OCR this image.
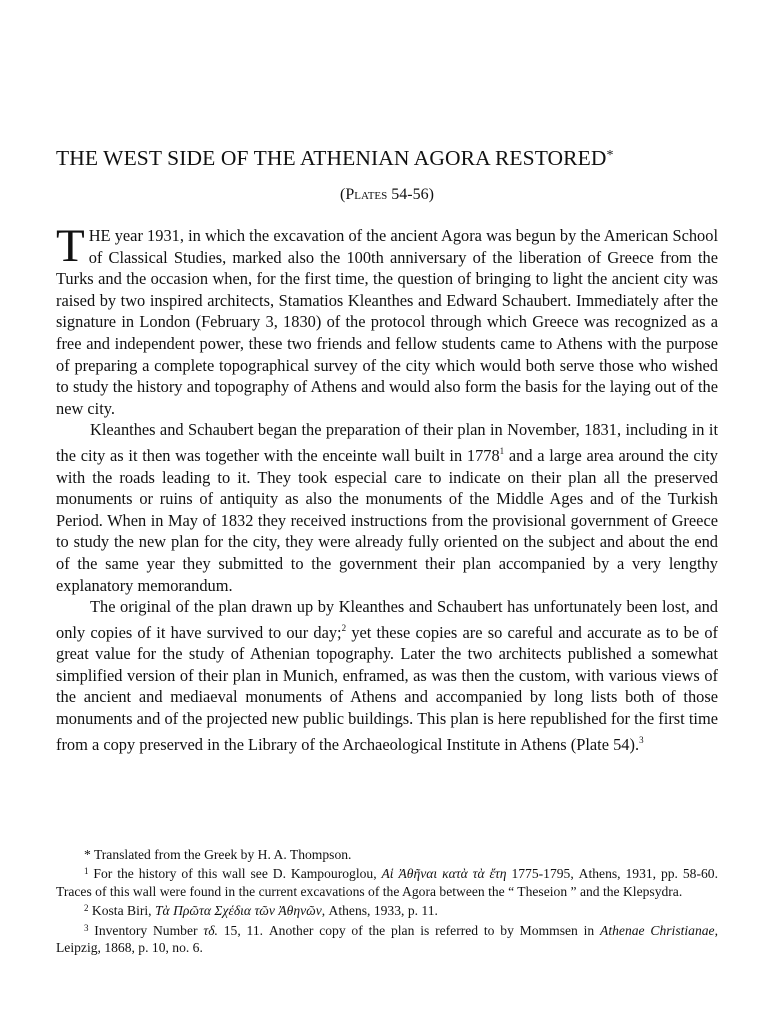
THE WEST SIDE OF THE ATHENIAN AGORA RESTORED*
(Plates 54-56)

THE year 1931, in which the excavation of the ancient Agora was begun by the American School of Classical Studies, marked also the 100th anniversary of the liberation of Greece from the Turks and the occasion when, for the first time, the question of bringing to light the ancient city was raised by two inspired architects, Stamatios Kleanthes and Edward Schaubert. Immediately after the signature in London (February 3, 1830) of the protocol through which Greece was recognized as a free and independent power, these two friends and fellow students came to Athens with the purpose of preparing a complete topographical survey of the city which would both serve those who wished to study the history and topography of Athens and would also form the basis for the laying out of the new city.

Kleanthes and Schaubert began the preparation of their plan in November, 1831, including in it the city as it then was together with the enceinte wall built in 1778$^1$ and a large area around the city with the roads leading to it. They took especial care to indicate on their plan all the preserved monuments or ruins of antiquity as also the monuments of the Middle Ages and of the Turkish Period. When in May of 1832 they received instructions from the provisional government of Greece to study the new plan for the city, they were already fully oriented on the subject and about the end of the same year they submitted to the government their plan accompanied by a very lengthy explanatory memorandum.

The original of the plan drawn up by Kleanthes and Schaubert has unfortunately been lost, and only copies of it have survived to our day;$^2$ yet these copies are so careful and accurate as to be of great value for the study of Athenian topography. Later the two architects published a somewhat simplified version of their plan in Munich, enframed, as was then the custom, with various views of the ancient and mediaeval monuments of Athens and accompanied by long lists both of those monuments and of the projected new public buildings. This plan is here republished for the first time from a copy preserved in the Library of the Archaeological Institute in Athens (Plate 54).$^3$

* Translated from the Greek by H. A. Thompson.

$^1$ For the history of this wall see D. Kampouroglou, Αἱ Ἀθῆναι κατὰ τὰ ἔτη 1775-1795, Athens, 1931, pp. 58-60. Traces of this wall were found in the current excavations of the Agora between the “ Theseion ” and the Klepsydra.

$^2$ Kosta Biri, Τὰ Πρῶτα Σχέδια τῶν Ἀθηνῶν, Athens, 1933, p. 11.

$^3$ Inventory Number τδ. 15, 11. Another copy of the plan is referred to by Mommsen in Athenae Christianae, Leipzig, 1868, p. 10, no. 6.
